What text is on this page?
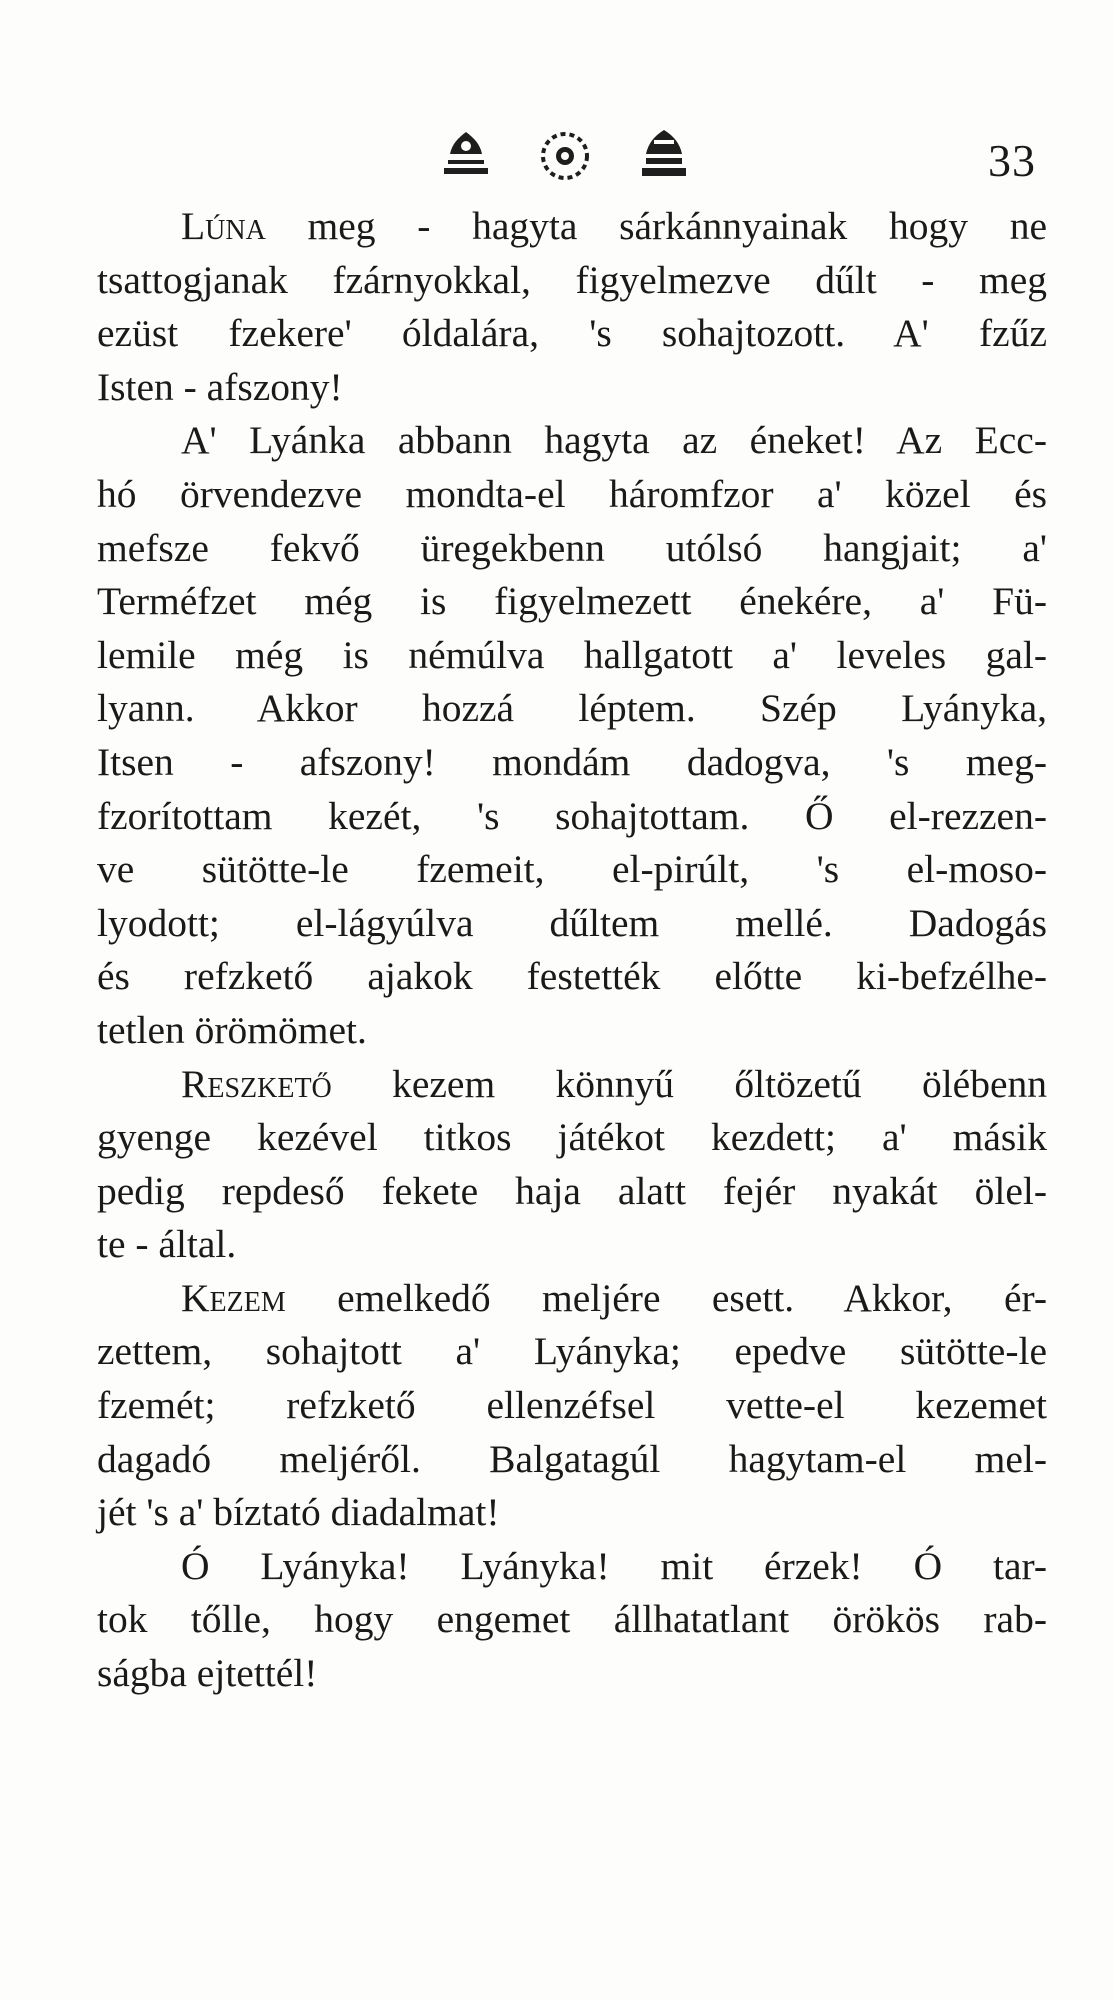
33
Lúna meg - hagyta sárkánnyainak hogy ne
tsattogjanak fzárnyokkal, figyelmezve dűlt - meg
ezüst fzekere' óldalára, 's sohajtozott. A' fzűz
Isten - afszony!
A' Lyánka abbann hagyta az éneket! Az Ecc-
hó örvendezve mondta-el háromfzor a' közel és
mefsze fekvő üregekbenn utólsó hangjait; a'
Terméfzet még is figyelmezett énekére, a' Fü-
lemile még is némúlva hallgatott a' leveles gal-
lyann. Akkor hozzá léptem. Szép Lyányka,
Itsen - afszony! mondám dadogva, 's meg-
fzorítottam kezét, 's sohajtottam. Ő el-rezzen-
ve sütötte-le fzemeit, el-pirúlt, 's el-moso-
lyodott; el-lágyúlva dűltem mellé. Dadogás
és refzkető ajakok festették előtte ki-befzélhe-
tetlen örömömet.
Reszkető kezem könnyű őltözetű ölébenn
gyenge kezével titkos játékot kezdett; a' másik
pedig repdeső fekete haja alatt fejér nyakát ölel-
te - által.
Kezem emelkedő meljére esett. Akkor, ér-
zettem, sohajtott a' Lyányka; epedve sütötte-le
fzemét; refzkető ellenzéfsel vette-el kezemet
dagadó meljéről. Balgatagúl hagytam-el mel-
jét 's a' bíztató diadalmat!
Ó Lyányka! Lyányka! mit érzek! Ó tar-
tok tőlle, hogy engemet állhatatlant örökös rab-
ságba ejtettél!
